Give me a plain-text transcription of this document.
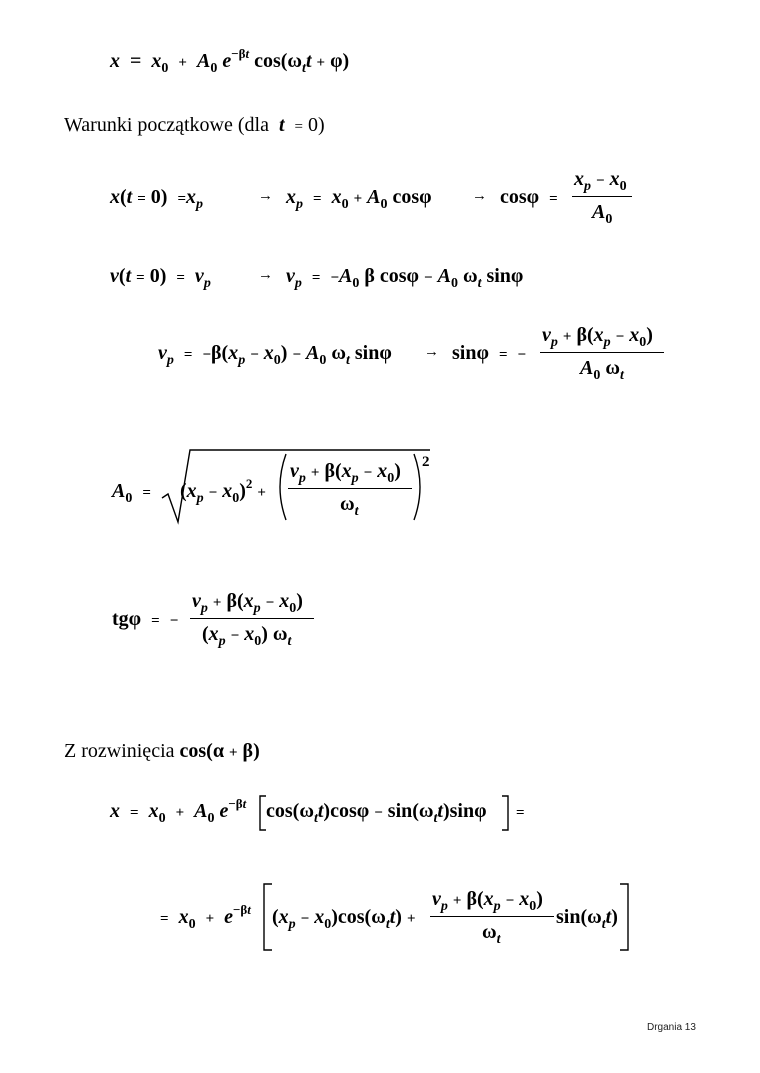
$x = x_0 + A_0$ $e^{-\beta t}$ $\cos(\omega_tt + \varphi)$
Warunki początkowe (dla t = 0)
$x(t = 0) =x_p$
→ $x_p = x_0 + A_0$ cosφ	→ cosφ  =
$x_p - x_0$
$A_0$
$v(t = 0) = v_p$
→ $v_p = -A_0$ β $\cos\varphi - A_0$ $\omega_t$ sinφ
$v_p = -\beta(x_p - x_0) - A_0$ $\omega_t$ sinφ → sinφ  = −
$v_p + \beta(x_p - x_0)$
$A_0$ $\omega_t$
$A_0 = (x_p - x_0)^2$ +
$v_p + \beta(x_p - x_0)$
$\omega_t$
2
tgφ  = −
$v_p + \beta(x_p - x_0)$
$(x_p - x_0)$ $\omega_t$
Z rozwinięcia cos(α + β)
$x = x_0 + A_0$ $e^{-\beta t}$ $\cos(\omega_tt)\cos\varphi - \sin(\omega_tt)\sin\varphi$ =
= $x_0 + e^{-\beta t}$ $(x_p - x_0)\cos(\omega_tt)$ +
$v_p + \beta(x_p - x_0)$
$\omega_t$
$\sin(\omega_tt)$
Drgania 13
